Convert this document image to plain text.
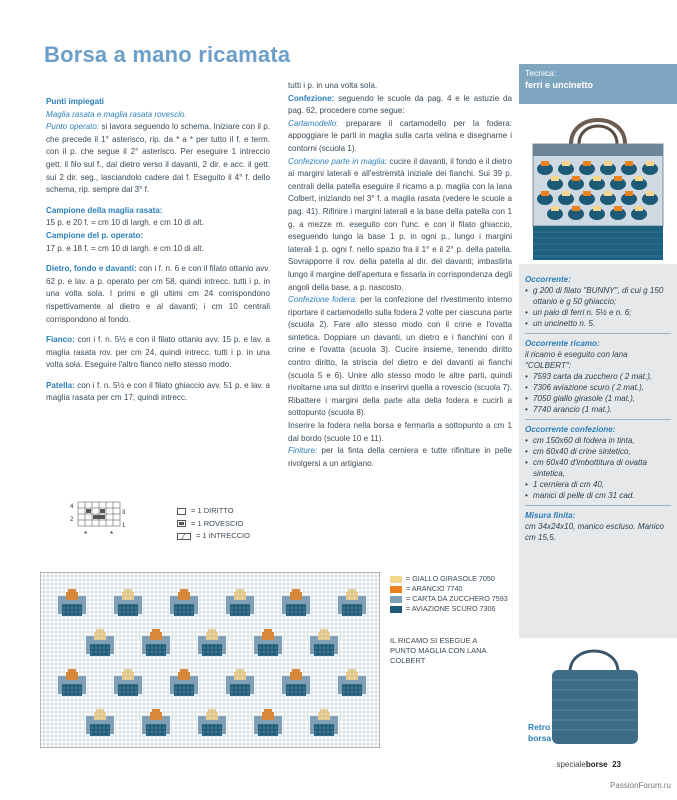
Borsa a mano ricamata

Punti impiegati
Maglia rasata e maglia rasata rovescio.
Punto operato: si lavora seguendo lo schema. Iniziare con il p. che precede il 1° asterisco, rip. da * a * per tutto il f. e term. con il p. che segue il 2° asterisco. Per eseguire 1 intreccio gett. il filo sul f., dal dietro verso il davanti, 2 dir. e acc. il gett. sui 2 dir. seg., lasciandolo cadere dal f. Eseguito il 4° f. dello schema, rip. sempre dal 3° f.

Campione della maglia rasata:
15 p. e 20 f. = cm 10 di largh. e cm 10 di alt.
Campione del p. operato:
17 p. e 18 f. = cm 10 di largh. e cm 10 di alt.

Dietro, fondo e davanti: con i f. n. 6 e con il filato ottanio avv. 62 p. e lav. a p. operato per cm 58, quindi intrecc. tutti i p. in una volta sola. I primi e gli ultimi cm 24 corrispondono rispettivamente al dietro e al davanti; i cm 10 centrali corrispondono al fondo.

Fianco: con i f. n. 5½ e con il filato ottanio avv. 15 p. e lav. a maglia rasata rov. per cm 24, quindi intrecc. tutti i p. in una volta sola. Eseguire l'altro fianco nello stesso modo.

Patella: con i f. n. 5½ e con il filato ghiaccio avv. 51 p. e lav. a maglia rasata per cm 17, quindi intrecc.

tutti i p. in una volta sola.
Confezione: seguendo le scuole da pag. 4 e le astuzie da pag. 62, procedere come segue:
Cartamodello: preparare il cartamodello per la fodera: appoggiare le parti in maglia sulla carta velina e disegnarne i contorni (scuola 1).
Confezione parte in maglia: cucire il davanti, il fondo e il dietro ai margini laterali e all'estremità iniziale dei fianchi. Sui 39 p. centrali della patella eseguire il ricamo a p. maglia con la lana Colbert, iniziando nel 3° f. a maglia rasata (vedere le scuole a pag. 41). Rifinire i margini laterali e la base della patella con 1 g. a mezze m. eseguito con l'unc. e con il filato ghiaccio, eseguendo lungo la base 1 p. in ogni p., lungo i margini laterali 1 p. ogni f. nello spazio fra il 1° e il 2° p. della patella. Sovrapporre il rov. della patella al dir. del davanti; imbastirla lungo il margine dell'apertura e fissarla in corrispondenza degli angoli della base, a p. nascosto.
Confezione fodera: per la confezione del rivestimento interno riportare il cartamodello sulla fodera 2 volte per ciascuna parte (scuola 2). Fare allo stesso modo con il crine e l'ovatta sintetica. Doppiare un davanti, un dietro e i fianchini con il crine e l'ovatta (scuola 3). Cucire insieme, tenendo diritto contro diritto, la striscia del dietro e del davanti ai fianchi (scuola 5 e 6). Unire allo stesso modo le altre parti, quindi rivoltarne una sul diritto e inserirvi quella a rovescio (scuola 7). Ribattere i margini della parte alta della fodera e cucirli a sottopunto (scuola 8).
Inserire la fodera nella borsa e fermarla a sottopunto a cm 1 dal bordo (scuole 10 e 11).
Finiture: per la finta della cerniera e tutte rifiniture in pelle rivolgersi a un artigiano.

Tecnica:
ferri e uncinetto
Occorrente:
• g 200 di filato "BUNNY", di cui g 150 ottanio e g 50 ghiaccio;
• un paio di ferri n. 5½ e n. 6;
• un uncinetto n. 5.
Occorrente ricamo:
il ricamo è eseguito con lana "COLBERT":
• 7593 carta da zucchero ( 2 mat.),
• 7306 aviazione scuro ( 2 mat.),
• 7050 giallo girasole (1 mat.),
• 7740 arancio (1 mat.).
Occorrente confezione:
• cm 150x60 di fodera in tinta,
• cm 60x40 di crine sintetico,
• cm 60x40 d'imbottitura di ovatta sintetica,
• 1 cerniera di cm 40,
• manici di pelle di cm 31 cad.
Misura finita:
cm 34x24x10, manico escluso. Manico cm 15,5.
4
2
3
1
*	*
= 1 DIRITTO
= 1 ROVESCIO
= 1 INTRECCIO
= GIALLO GIRASOLE 7050
= ARANCIO 7740
= CARTA DA ZUCCHERO 7593
= AVIAZIONE SCURO 7306
IL RICAMO SI ESEGUE A PUNTO MAGLIA CON LANA COLBERT
Retro borsa
specialeborse 23
PassionForum.ru
